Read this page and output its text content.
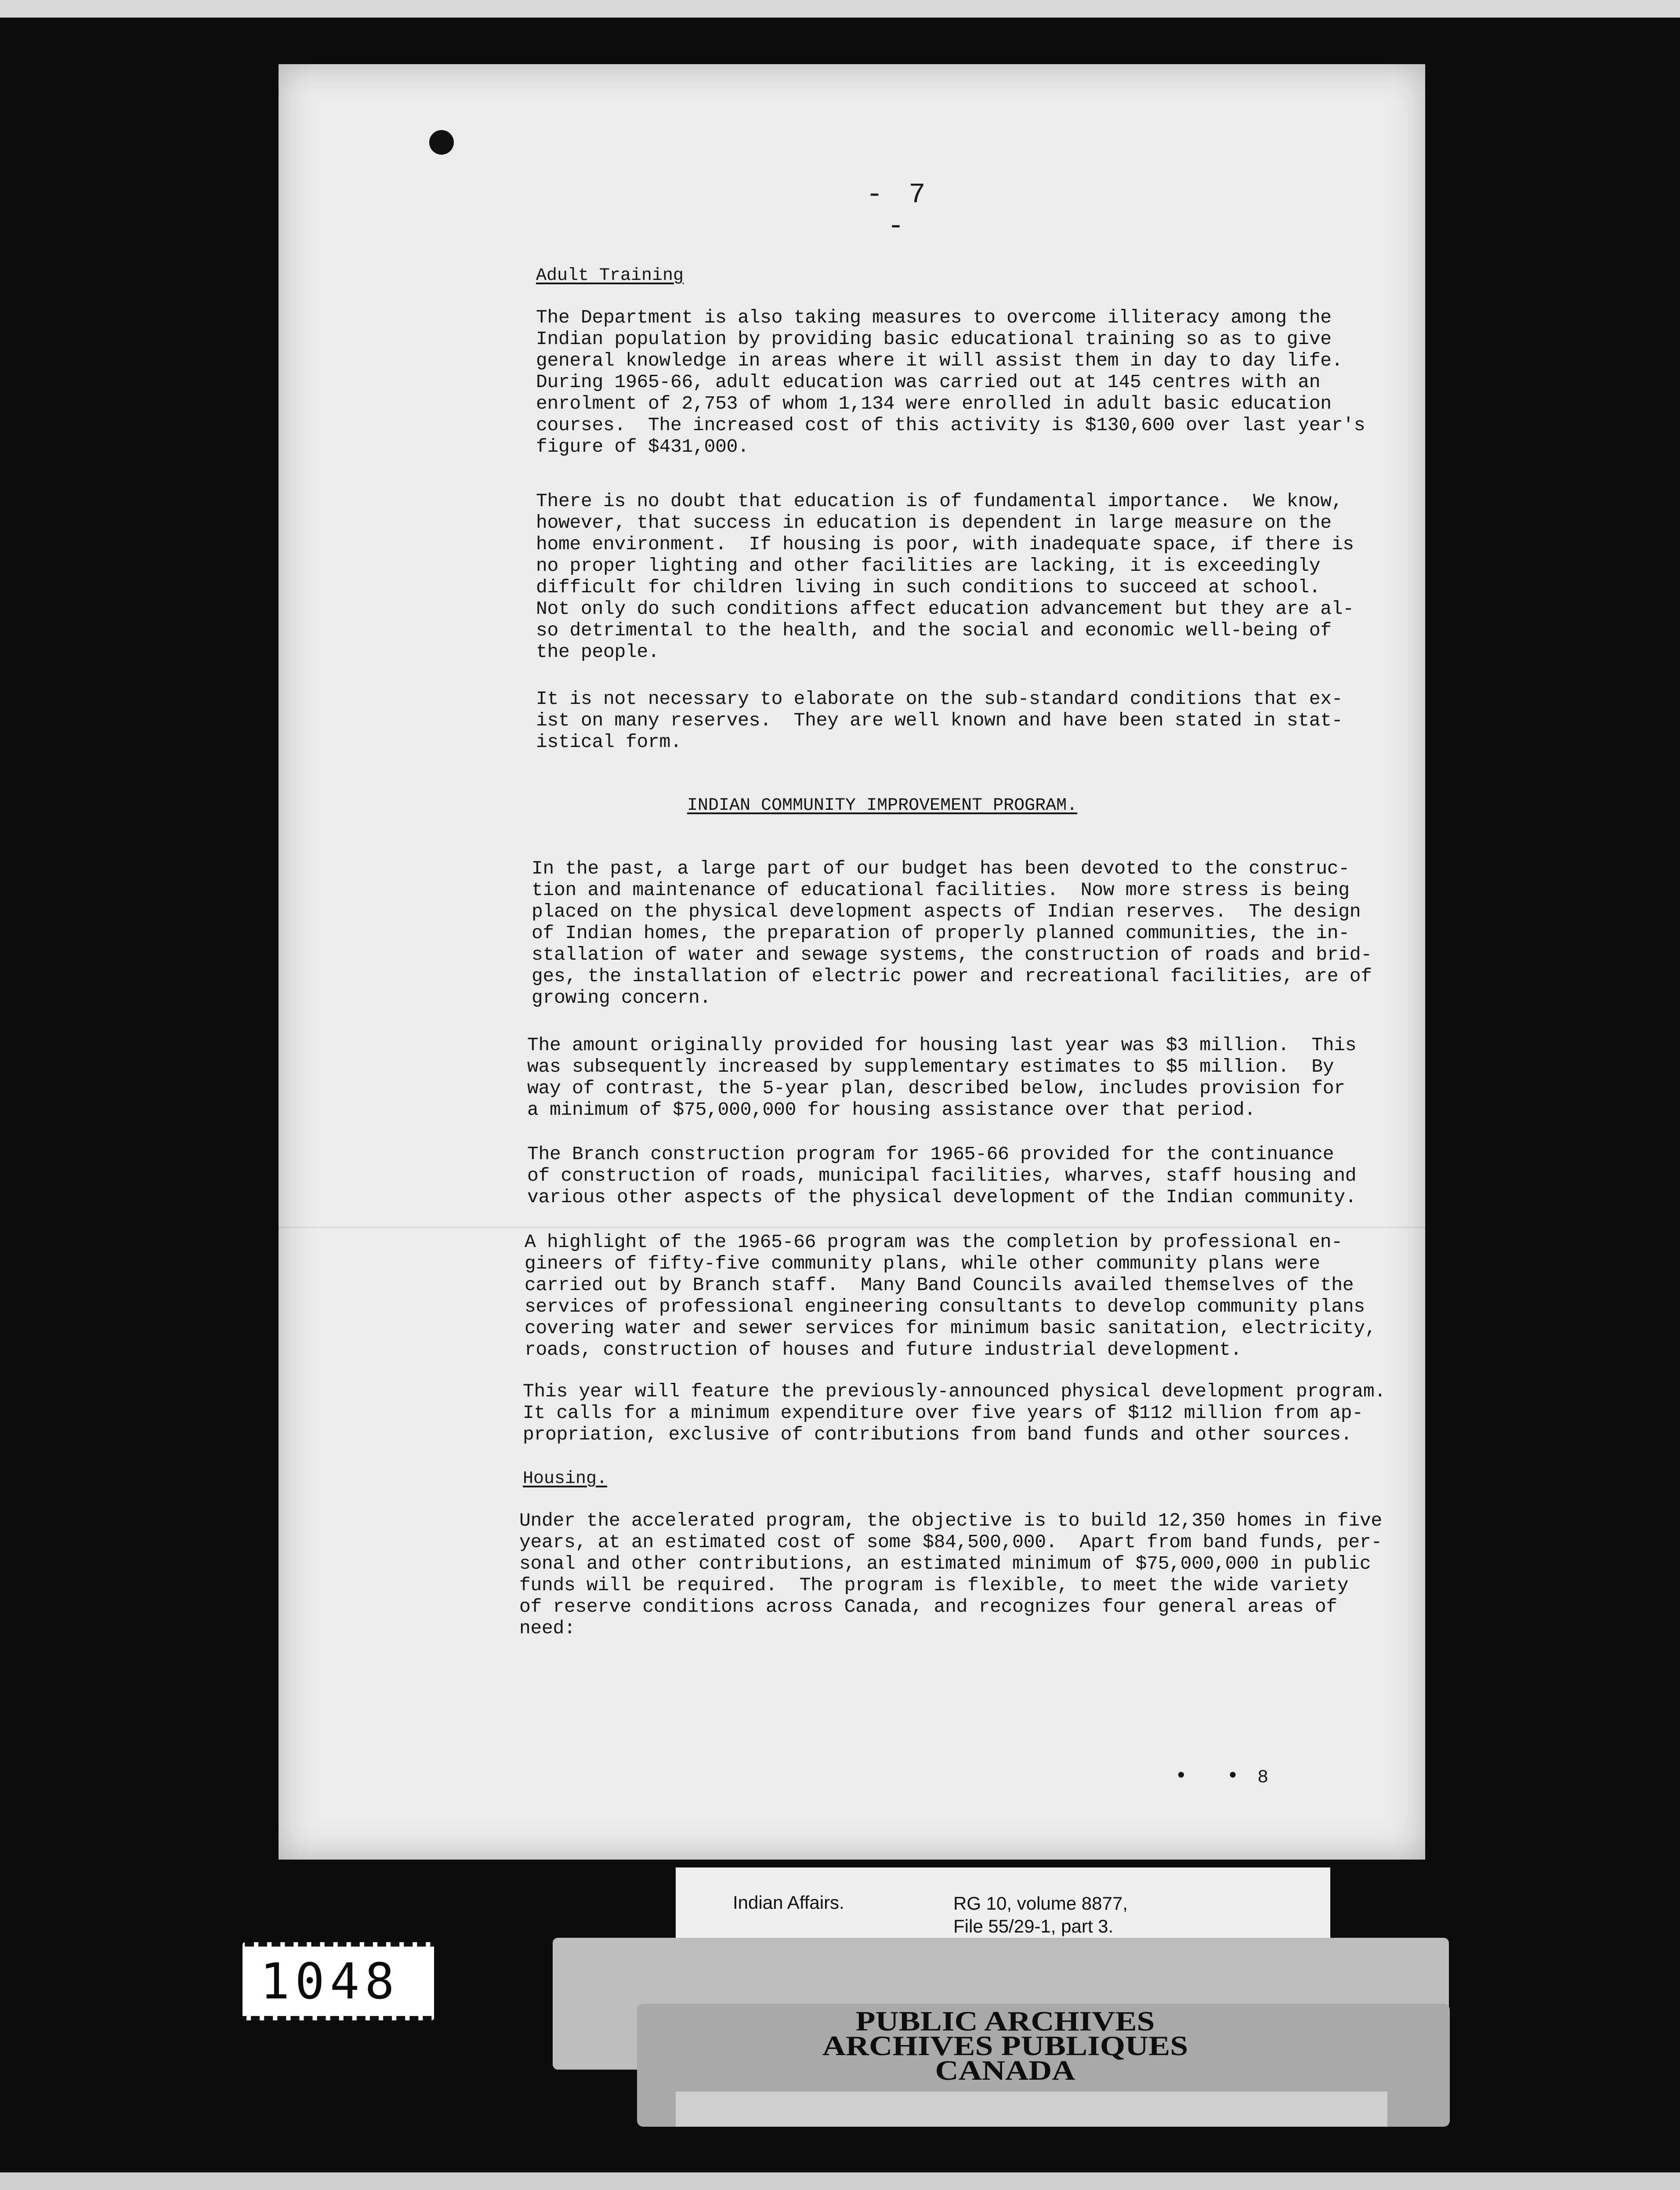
- 7 -
Adult Training

The Department is also taking measures to overcome illiteracy among the
Indian population by providing basic educational training so as to give
general knowledge in areas where it will assist them in day to day life.
During 1965-66, adult education was carried out at 145 centres with an
enrolment of 2,753 of whom 1,134 were enrolled in adult basic education
courses.  The increased cost of this activity is $130,600 over last year's
figure of $431,000.

There is no doubt that education is of fundamental importance.  We know,
however, that success in education is dependent in large measure on the
home environment.  If housing is poor, with inadequate space, if there is
no proper lighting and other facilities are lacking, it is exceedingly
difficult for children living in such conditions to succeed at school.
Not only do such conditions affect education advancement but they are al-
so detrimental to the health, and the social and economic well-being of
the people.

It is not necessary to elaborate on the sub-standard conditions that ex-
ist on many reserves.  They are well known and have been stated in stat-
istical form.

INDIAN COMMUNITY IMPROVEMENT PROGRAM.

In the past, a large part of our budget has been devoted to the construc-
tion and maintenance of educational facilities.  Now more stress is being
placed on the physical development aspects of Indian reserves.  The design
of Indian homes, the preparation of properly planned communities, the in-
stallation of water and sewage systems, the construction of roads and brid-
ges, the installation of electric power and recreational facilities, are of
growing concern.

The amount originally provided for housing last year was $3 million.  This
was subsequently increased by supplementary estimates to $5 million.  By
way of contrast, the 5-year plan, described below, includes provision for
a minimum of $75,000,000 for housing assistance over that period.

The Branch construction program for 1965-66 provided for the continuance
of construction of roads, municipal facilities, wharves, staff housing and
various other aspects of the physical development of the Indian community.

A highlight of the 1965-66 program was the completion by professional en-
gineers of fifty-five community plans, while other community plans were
carried out by Branch staff.  Many Band Councils availed themselves of the
services of professional engineering consultants to develop community plans
covering water and sewer services for minimum basic sanitation, electricity,
roads, construction of houses and future industrial development.

This year will feature the previously-announced physical development program.
It calls for a minimum expenditure over five years of $112 million from ap-
propriation, exclusive of contributions from band funds and other sources.

Housing.

Under the accelerated program, the objective is to build 12,350 homes in five
years, at an estimated cost of some $84,500,000.  Apart from band funds, per-
sonal and other contributions, an estimated minimum of $75,000,000 in public
funds will be required.  The program is flexible, to meet the wide variety
of reserve conditions across Canada, and recognizes four general areas of
need:

• • 8
Indian Affairs.	RG 10, volume 8877,
File 55/29-1, part 3.
1048
PUBLIC ARCHIVES
ARCHIVES PUBLIQUES
CANADA
